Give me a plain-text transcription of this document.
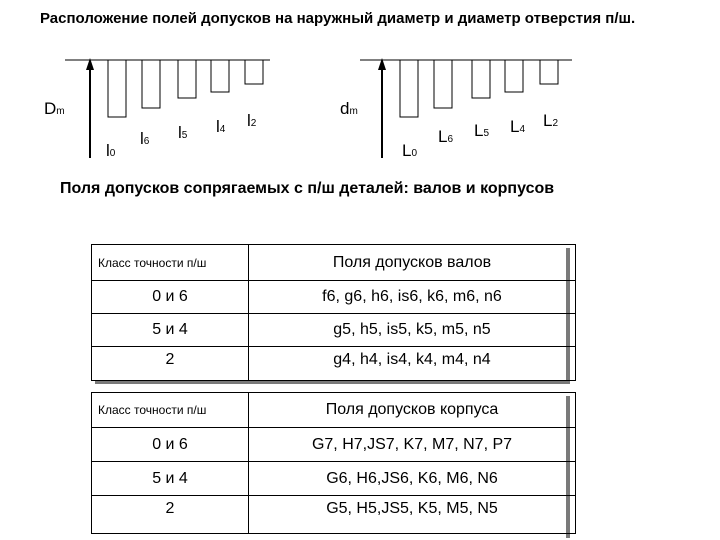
Расположение полей допусков на наружный диаметр и диаметр отверстия п/ш.
Dm
l0
l6 l5 l4 l2
dm
L0
L6 L5 L4 L2
Поля допусков сопрягаемых с п/ш деталей: валов и корпусов
Класс точности п/ш	Поля допусков валов
0 и 6	f6, g6, h6, is6, k6, m6, n6
5 и 4	g5, h5, is5, k5, m5, n5
2	g4, h4, is4, k4, m4, n4
Класс точности п/ш	Поля допусков корпуса
0 и 6	G7, H7,JS7, K7, M7, N7, P7
5 и 4	G6, H6,JS6, K6, M6, N6
2	G5, H5,JS5, K5, M5, N5
